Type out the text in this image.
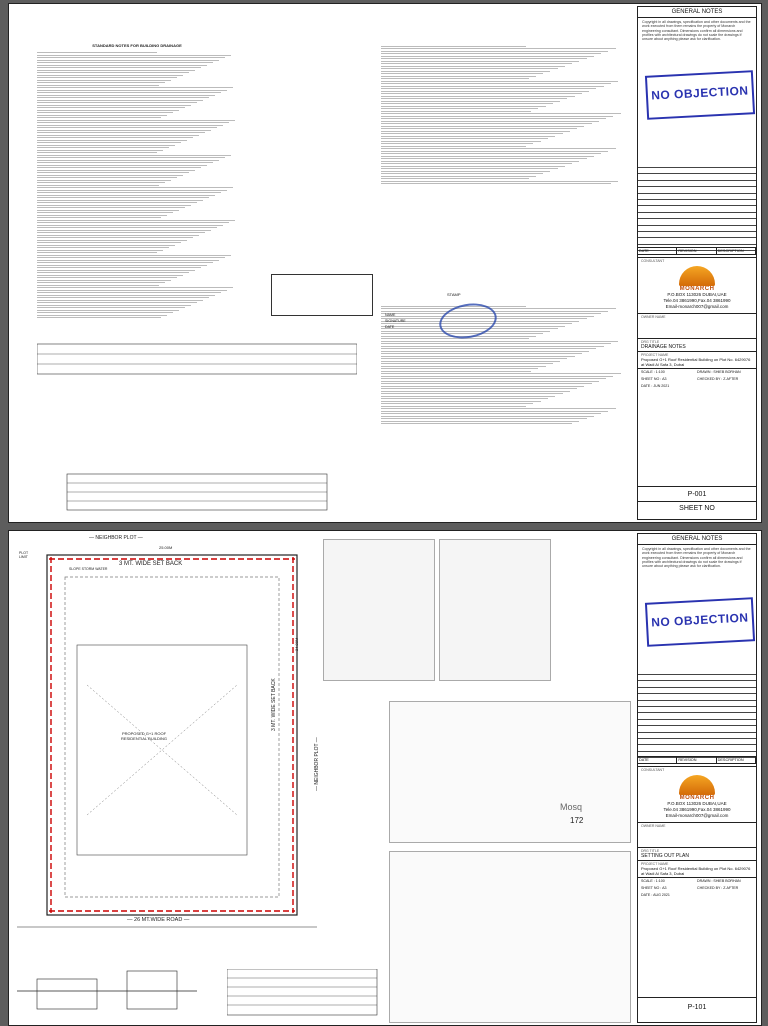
STANDARD NOTES FOR BUILDING DRAINAGE
STAMP
NAME
SIGNATURE
DATE
GENERAL NOTES
Copyright in all drawings, specification and other documents and the work executed from them remains the property of Monarch engineering consultant. Dimensions confirm all dimensions and profiles with architectural drawings do not scale the drawings if unsure about anything please ask for clarification.
NO OBJECTION
DATE	REVISION	DESCRIPTION
CONSULTANT
MONARCH
P.O.BOX 113026 DUBAI,UAE
Tele.04 3861990,Fax.04 3861990
Email-monarch007@gmail.com
OWNER NAME
DRG TITLE
DRAINAGE NOTES
PROJECT NAME
Proposed G+1 Roof Residential Building on Plot No. 6429076 at Wadi Al Safa 3, Dubai
SCALE : 1:100	DRAWN : SHIEB BORHAN
SHEET NO : A3	CHECKED BY : Z.AFTER
DATE : JUN 2021
P-001
SHEET NO
— NEIGHBOR PLOT —
25.00M
3 MT. WIDE SET BACK
SLOPE STORM WATER
PLOT LIMIT
PROPOSED G+1 ROOF RESIDENTIAL BUILDING
3 MT. WIDE SET BACK
— NEIGHBOR PLOT —
24.00M
— 26 MT.WIDE ROAD —
Mosq
172
GENERAL NOTES
Copyright in all drawings, specification and other documents and the work executed from them remains the property of Monarch engineering consultant. Dimensions confirm all dimensions and profiles with architectural drawings do not scale the drawings if unsure about anything please ask for clarification.
NO OBJECTION
DATE	REVISION	DESCRIPTION
CONSULTANT
MONARCH
P.O.BOX 113026 DUBAI,UAE
Tele.04 3861990,Fax.04 3861990
Email-monarch007@gmail.com
OWNER NAME
DRG TITLE
SETTING OUT PLAN
PROJECT NAME
Proposed G+1 Roof Residential Building on Plot No. 6429076 at Wadi Al Safa 3, Dubai
SCALE : 1:100	DRAWN : SHIEB BORHAN
SHEET NO : A3	CHECKED BY : Z.AFTER
DATE : AUG 2021
P-101
